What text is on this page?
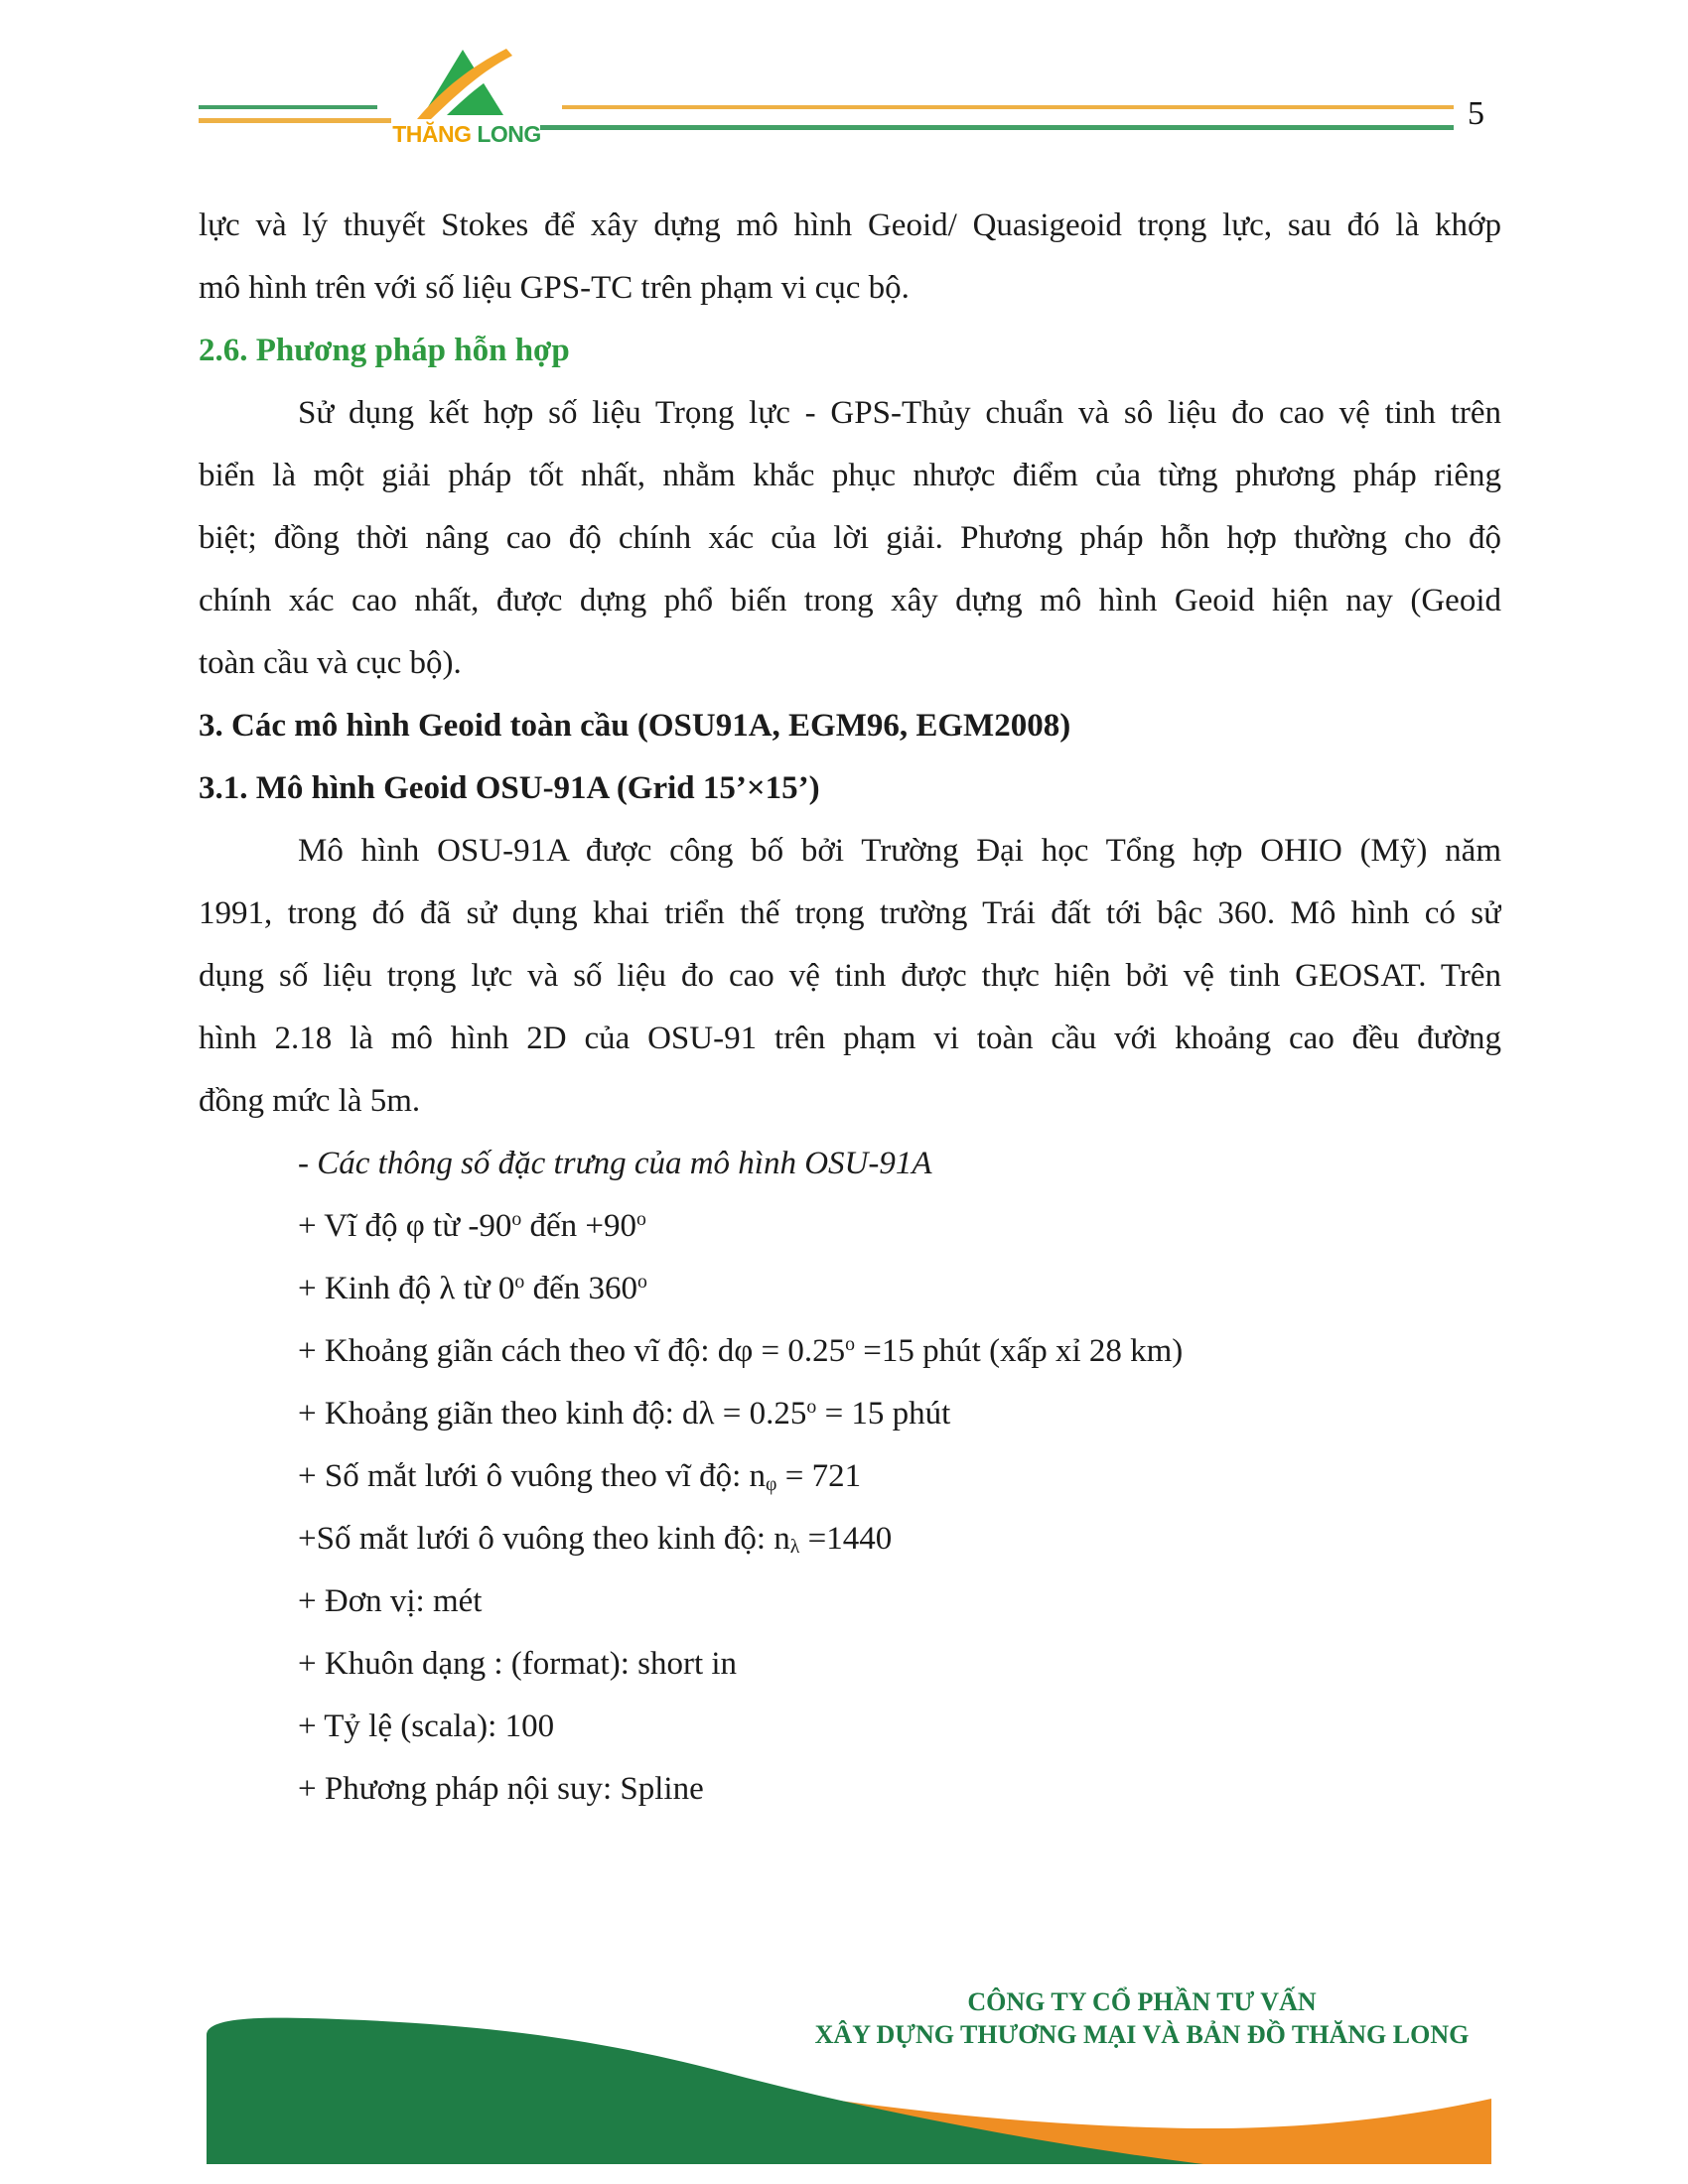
THĂNG LONG
5
lực và lý thuyết Stokes để xây dựng mô hình Geoid/ Quasigeoid trọng lực, sau đó là khớp
mô hình trên với số liệu GPS-TC trên phạm vi cục bộ.
2.6. Phương pháp hỗn hợp
Sử dụng kết hợp số liệu Trọng lực - GPS-Thủy chuẩn và sô liệu đo cao vệ tinh trên
biển là một giải pháp tốt nhất, nhằm khắc phục nhược điểm của từng phương pháp riêng
biệt; đồng thời nâng cao độ chính xác của lời giải. Phương pháp hỗn hợp thường cho độ
chính xác cao nhất, được dựng phổ biến trong xây dựng mô hình Geoid hiện nay (Geoid
toàn cầu và cục bộ).
3. Các mô hình Geoid toàn cầu (OSU91A, EGM96, EGM2008)
3.1. Mô hình Geoid OSU-91A (Grid 15’×15’)
Mô hình OSU-91A được công bố bởi Trường Đại học Tổng hợp OHIO (Mỹ) năm
1991, trong đó đã sử dụng khai triển thế trọng trường Trái đất tới bậc 360. Mô hình có sử
dụng số liệu trọng lực và số liệu đo cao vệ tinh được thực hiện bởi vệ tinh GEOSAT. Trên
hình 2.18 là mô hình 2D của OSU-91 trên phạm vi toàn cầu với khoảng cao đều đường
đồng mức là 5m.
- Các thông số đặc trưng của mô hình OSU-91A
+ Vĩ độ φ từ -90$^o$ đến $+90^o$
+ Kinh độ λ từ 0$^o$ đến $360^o$
+ Khoảng giãn cách theo vĩ độ: $d\varphi = 0.25^o =15$ phút (xấp xỉ 28 km)
+ Khoảng giãn theo kinh độ: $d\lambda = 0.25^o = 15$ phút
+ Số mắt lưới ô vuông theo vĩ độ: $n_\varphi = 721$
+Số mắt lưới ô vuông theo kinh độ: $n_\lambda =1440$
+ Đơn vị: mét
+ Khuôn dạng : (format): short in
+ Tỷ lệ (scala): 100
+ Phương pháp nội suy: Spline
CÔNG TY CỔ PHẦN TƯ VẤN
XÂY DỰNG THƯƠNG MẠI VÀ BẢN ĐỒ THĂNG LONG
